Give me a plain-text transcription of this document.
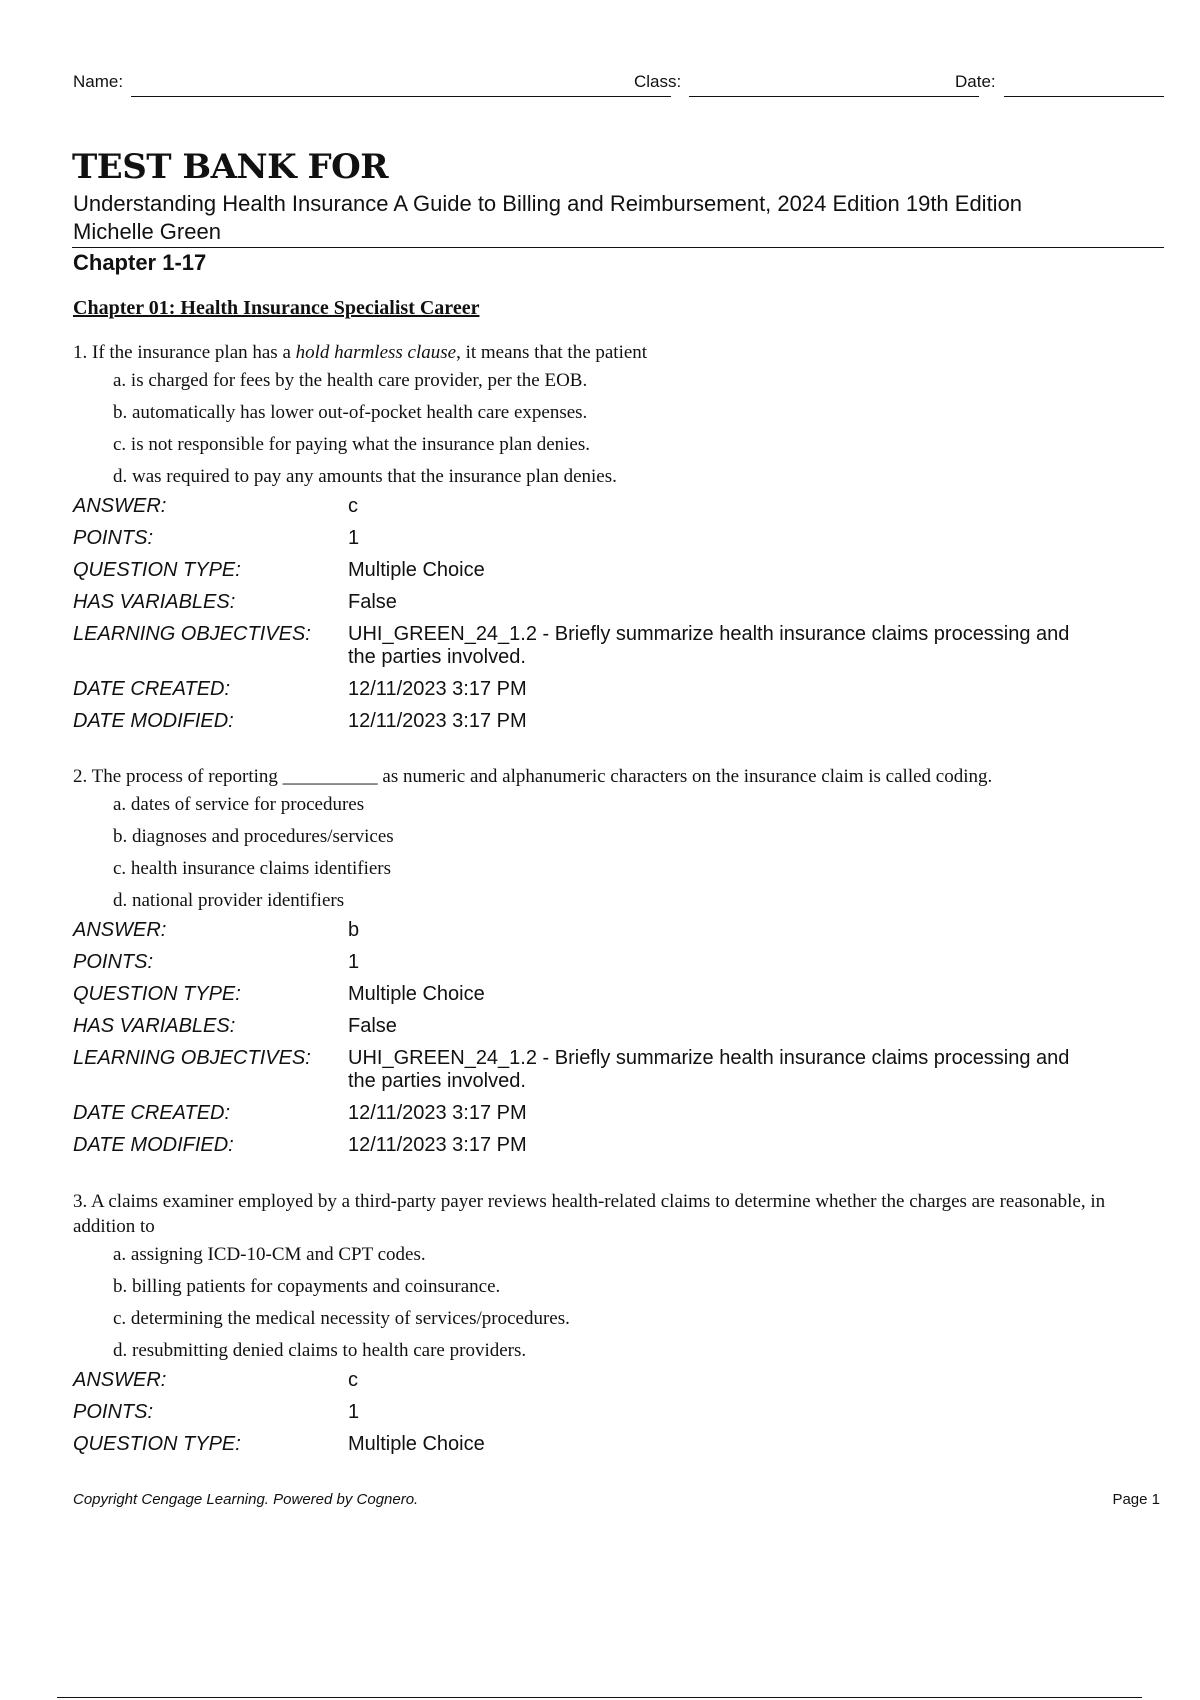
Name:	Class:	Date:
TEST BANK FOR
Understanding Health Insurance A Guide to Billing and Reimbursement, 2024 Edition 19th Edition
Michelle Green
Chapter 1-17
Chapter 01: Health Insurance Specialist Career
1. If the insurance plan has a hold harmless clause, it means that the patient
a. is charged for fees by the health care provider, per the EOB.
b. automatically has lower out-of-pocket health care expenses.
c. is not responsible for paying what the insurance plan denies.
d. was required to pay any amounts that the insurance plan denies.
ANSWER:	c
POINTS:	1
QUESTION TYPE:	Multiple Choice
HAS VARIABLES:	False
LEARNING OBJECTIVES:	UHI_GREEN_24_1.2 - Briefly summarize health insurance claims processing and
the parties involved.
DATE CREATED:	12/11/2023 3:17 PM
DATE MODIFIED:	12/11/2023 3:17 PM
2. The process of reporting __________ as numeric and alphanumeric characters on the insurance claim is called coding.
a. dates of service for procedures
b. diagnoses and procedures/services
c. health insurance claims identifiers
d. national provider identifiers
ANSWER:	b
POINTS:	1
QUESTION TYPE:	Multiple Choice
HAS VARIABLES:	False
LEARNING OBJECTIVES:	UHI_GREEN_24_1.2 - Briefly summarize health insurance claims processing and
the parties involved.
DATE CREATED:	12/11/2023 3:17 PM
DATE MODIFIED:	12/11/2023 3:17 PM
3. A claims examiner employed by a third-party payer reviews health-related claims to determine whether the charges are reasonable, in addition to
a. assigning ICD-10-CM and CPT codes.
b. billing patients for copayments and coinsurance.
c. determining the medical necessity of services/procedures.
d. resubmitting denied claims to health care providers.
ANSWER:	c
POINTS:	1
QUESTION TYPE:	Multiple Choice
Copyright Cengage Learning. Powered by Cognero.	Page 1
